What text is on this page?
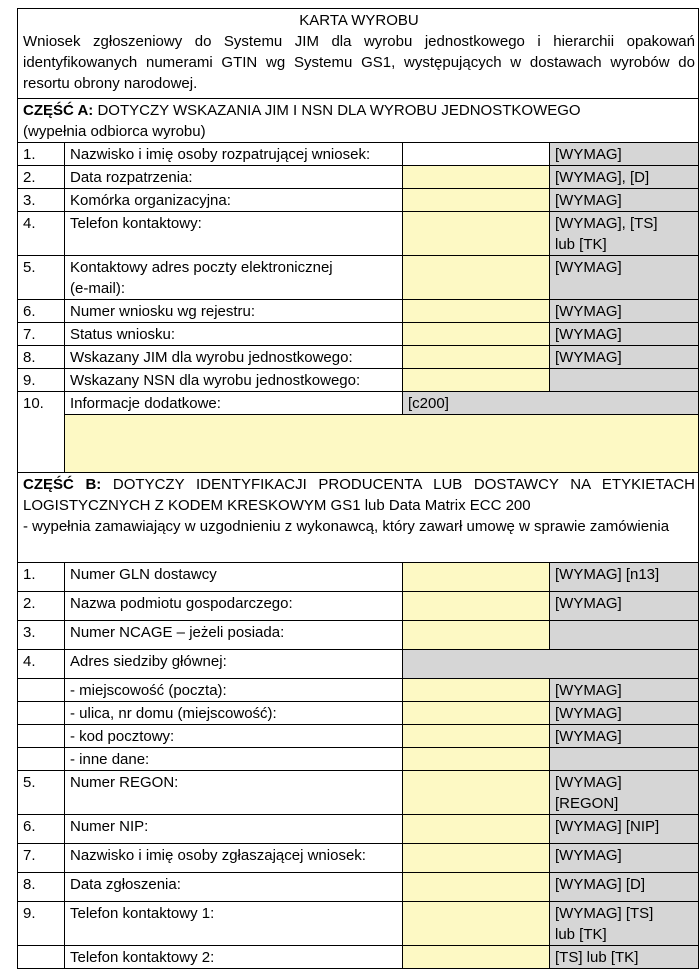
KARTA WYROBU
Wniosek zgłoszeniowy do Systemu JIM dla wyrobu jednostkowego i hierarchii opakowań identyfikowanych numerami GTIN wg Systemu GS1, występujących w dostawach wyrobów do resortu obrony narodowej.			

CZĘŚĆ A: DOTYCZY WSKAZANIA JIM I NSN DLA WYROBU JEDNOSTKOWEGO
(wypełnia odbiorca wyrobu)			

1.	Nazwisko i imię osoby rozpatrującej wniosek:		[WYMAG]
2.	Data rozpatrzenia:		[WYMAG], [D]
3.	Komórka organizacyjna:		[WYMAG]
4.	Telefon kontaktowy:		[WYMAG], [TS]
lub [TK]

5.	Kontaktowy adres poczty elektronicznej
(e-mail):		[WYMAG]
6.	Numer wniosku wg rejestru:		[WYMAG]
7.	Status wniosku:		[WYMAG]
8.	Wskazany JIM dla wyrobu jednostkowego:		[WYMAG]
9.	Wskazany NSN dla wyrobu jednostkowego:		
10.	Informacje dodatkowe:	[c200]	

CZĘŚĆ B: DOTYCZY IDENTYFIKACJI PRODUCENTA LUB DOSTAWCY NA ETYKIETACH LOGISTYCZNYCH Z KODEM KRESKOWYM GS1 lub Data Matrix ECC 200
- wypełnia zamawiający w uzgodnieniu z wykonawcą, który zawarł umowę w sprawie zamówienia			

1.	Numer GLN dostawcy		[WYMAG] [n13]
2.	Nazwa podmiotu gospodarczego:		[WYMAG]
3.	Numer NCAGE – jeżeli posiada:		
4.	Adres siedziby głównej:		
	- miejscowość (poczta):		[WYMAG]
	- ulica, nr domu (miejscowość):		[WYMAG]
	- kod pocztowy:		[WYMAG]
	- inne dane:		
5.	Numer REGON:		[WYMAG]
[REGON]

6.	Numer NIP:		[WYMAG] [NIP]
7.	Nazwisko i imię osoby zgłaszającej wniosek:		[WYMAG]
8.	Data zgłoszenia:		[WYMAG] [D]
9.	Telefon kontaktowy 1:		[WYMAG] [TS]
lub [TK]

	Telefon kontaktowy 2:		[TS] lub [TK]
